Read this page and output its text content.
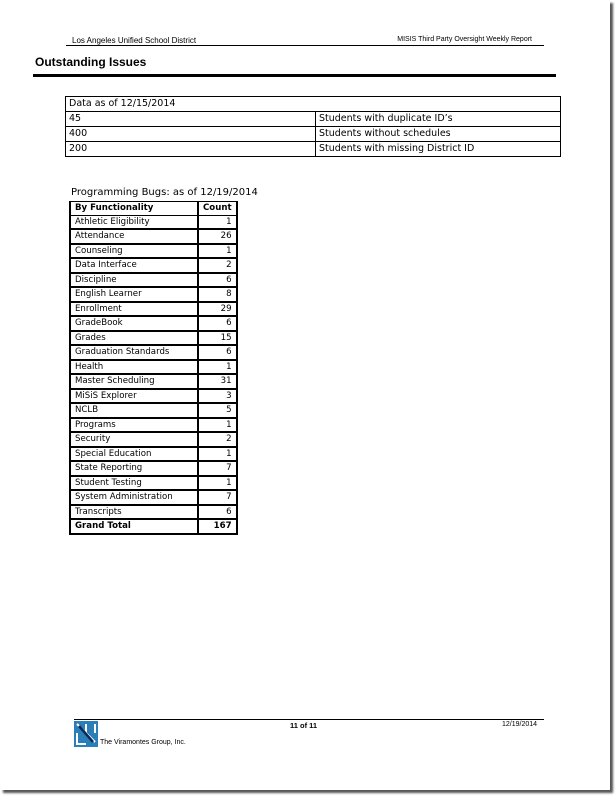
Los Angeles Unified School District	MISIS Third Party Oversight Weekly Report
Outstanding Issues
Data as of 12/15/2014	
45	Students with duplicate ID’s
400	Students without schedules
200	Students with missing District ID
Programming Bugs: as of 12/19/2014
By Functionality	Count
Athletic Eligibility	1
Attendance	26
Counseling	1
Data Interface	2
Discipline	6
English Learner	8
Enrollment	29
GradeBook	6
Grades	15
Graduation Standards	6
Health	1
Master Scheduling	31
MiSiS Explorer	3
NCLB	5
Programs	1
Security	2
Special Education	1
State Reporting	7
Student Testing	1
System Administration	7
Transcripts	6
Grand Total	167
The Viramontes Group, Inc.
11 of 11	12/19/2014
